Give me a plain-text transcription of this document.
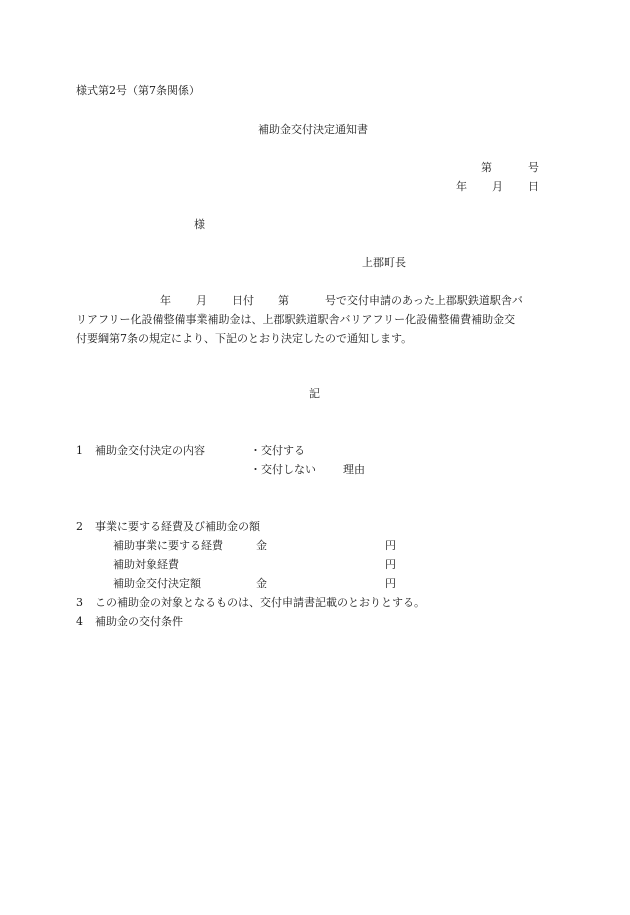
様式第2号（第7条関係）
補助金交付決定通知書
第	号
年 月 日
様
上郡町長
年 月 日付 第	号で交付申請のあった上郡駅鉄道駅舎バ
リアフリー化設備整備事業補助金は、上郡駅鉄道駅舎バリアフリー化設備整備費補助金交
付要綱第7条の規定により、下記のとおり決定したので通知します。
記
1 補助金交付決定の内容	・交付する
・交付しない 理由
2 事業に要する経費及び補助金の額
補助事業に要する経費	金	円
補助対象経費	円
補助金交付決定額	金	円
3 この補助金の対象となるものは、交付申請書記載のとおりとする。
4 補助金の交付条件
